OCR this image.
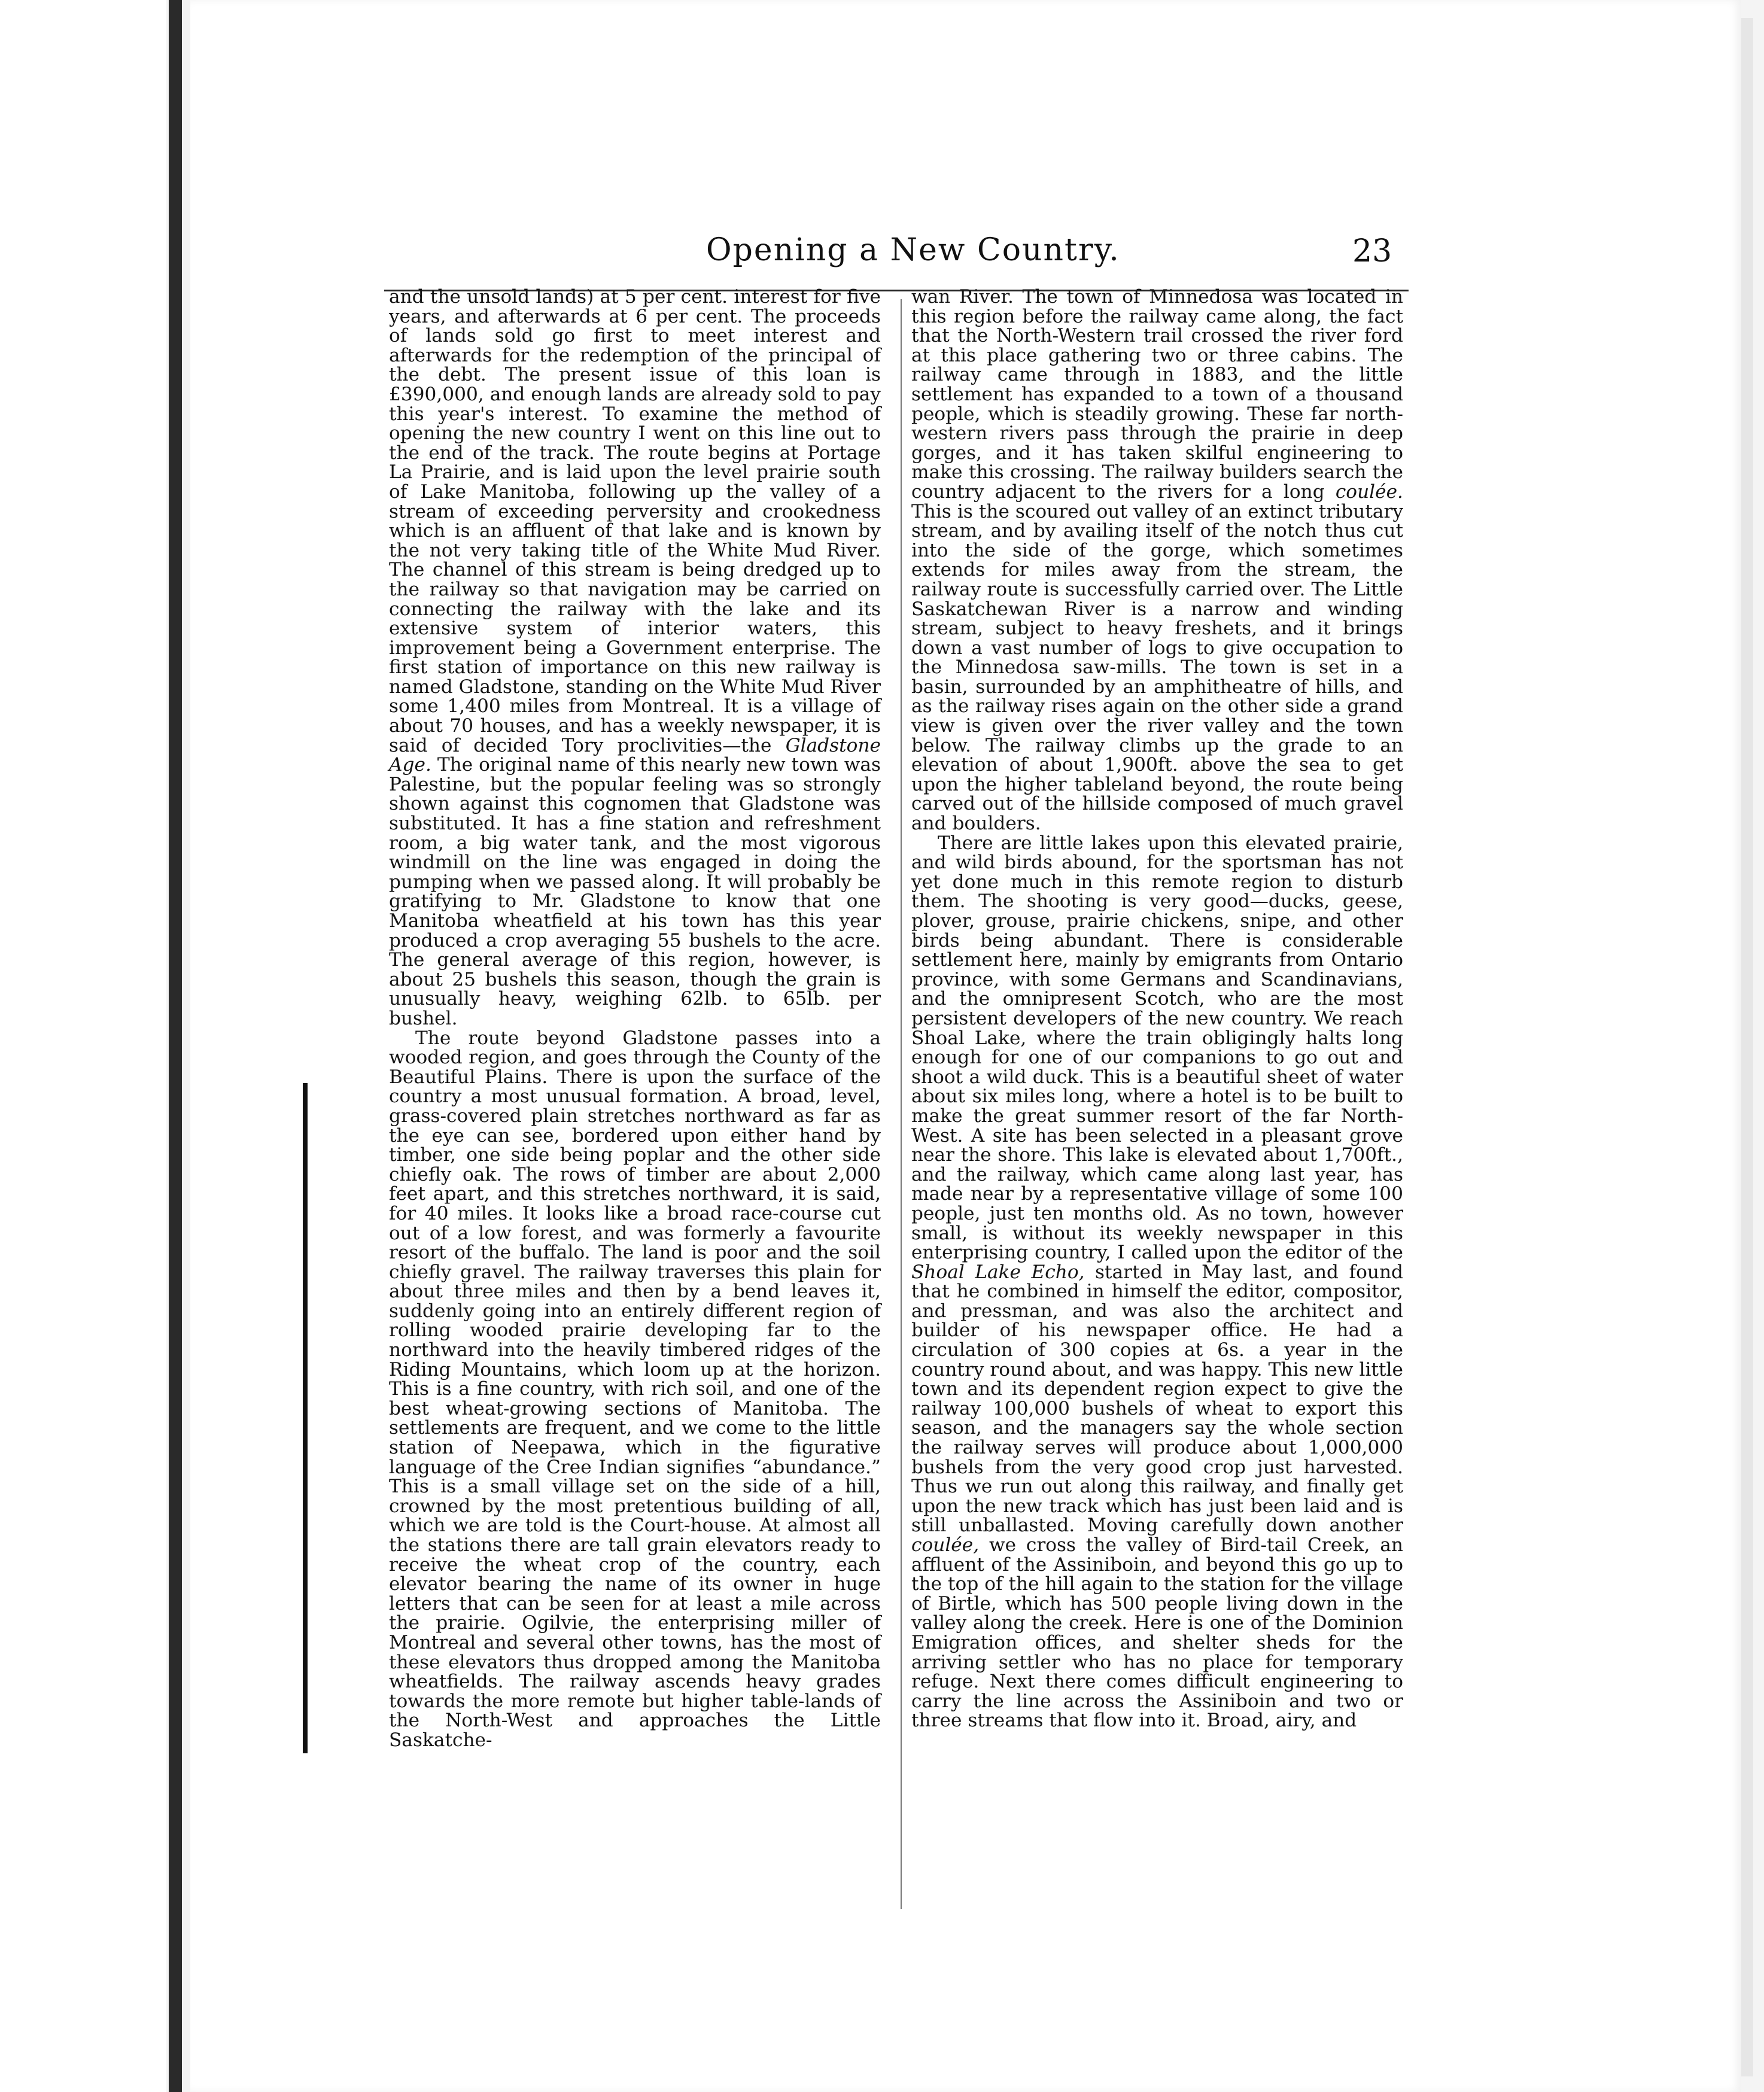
Opening a New Country.	23

and the unsold lands) at 5 per cent. interest for five years, and afterwards at 6 per cent. The proceeds of lands sold go first to meet interest and afterwards for the redemption of the principal of the debt. The present issue of this loan is £390,000, and enough lands are already sold to pay this year's interest. To examine the method of opening the new country I went on this line out to the end of the track. The route begins at Portage La Prairie, and is laid upon the level prairie south of Lake Manitoba, following up the valley of a stream of exceeding perversity and crookedness which is an affluent of that lake and is known by the not very taking title of the White Mud River. The channel of this stream is being dredged up to the railway so that navigation may be carried on connecting the railway with the lake and its extensive system of interior waters, this improvement being a Government enterprise. The first station of importance on this new railway is named Gladstone, standing on the White Mud River some 1,400 miles from Montreal. It is a village of about 70 houses, and has a weekly newspaper, it is said of decided Tory proclivities—the Gladstone Age. The original name of this nearly new town was Palestine, but the popular feeling was so strongly shown against this cognomen that Gladstone was substituted. It has a fine station and refreshment room, a big water tank, and the most vigorous windmill on the line was engaged in doing the pumping when we passed along. It will probably be gratifying to Mr. Gladstone to know that one Manitoba wheatfield at his town has this year produced a crop averaging 55 bushels to the acre. The general average of this region, however, is about 25 bushels this season, though the grain is unusually heavy, weighing 62lb. to 65lb. per bushel.

The route beyond Gladstone passes into a wooded region, and goes through the County of the Beautiful Plains. There is upon the surface of the country a most unusual formation. A broad, level, grass-covered plain stretches northward as far as the eye can see, bordered upon either hand by timber, one side being poplar and the other side chiefly oak. The rows of timber are about 2,000 feet apart, and this stretches northward, it is said, for 40 miles. It looks like a broad race-course cut out of a low forest, and was formerly a favourite resort of the buffalo. The land is poor and the soil chiefly gravel. The railway traverses this plain for about three miles and then by a bend leaves it, suddenly going into an entirely different region of rolling wooded prairie developing far to the northward into the heavily timbered ridges of the Riding Mountains, which loom up at the horizon. This is a fine country, with rich soil, and one of the best wheat-growing sections of Manitoba. The settlements are frequent, and we come to the little station of Neepawa, which in the figurative language of the Cree Indian signifies “abundance.” This is a small village set on the side of a hill, crowned by the most pretentious building of all, which we are told is the Court-house. At almost all the stations there are tall grain elevators ready to receive the wheat crop of the country, each elevator bearing the name of its owner in huge letters that can be seen for at least a mile across the prairie. Ogilvie, the enterprising miller of Montreal and several other towns, has the most of these elevators thus dropped among the Manitoba wheatfields. The railway ascends heavy grades towards the more remote but higher table-lands of the North-West and approaches the Little Saskatche-

wan River. The town of Minnedosa was located in this region before the railway came along, the fact that the North-Western trail crossed the river ford at this place gathering two or three cabins. The railway came through in 1883, and the little settlement has expanded to a town of a thousand people, which is steadily growing. These far north-western rivers pass through the prairie in deep gorges, and it has taken skilful engineering to make this crossing. The railway builders search the country adjacent to the rivers for a long coulée. This is the scoured out valley of an extinct tributary stream, and by availing itself of the notch thus cut into the side of the gorge, which sometimes extends for miles away from the stream, the railway route is successfully carried over. The Little Saskatchewan River is a narrow and winding stream, subject to heavy freshets, and it brings down a vast number of logs to give occupation to the Minnedosa saw-mills. The town is set in a basin, surrounded by an amphitheatre of hills, and as the railway rises again on the other side a grand view is given over the river valley and the town below. The railway climbs up the grade to an elevation of about 1,900ft. above the sea to get upon the higher tableland beyond, the route being carved out of the hillside composed of much gravel and boulders.

There are little lakes upon this elevated prairie, and wild birds abound, for the sportsman has not yet done much in this remote region to disturb them. The shooting is very good—ducks, geese, plover, grouse, prairie chickens, snipe, and other birds being abundant. There is considerable settlement here, mainly by emigrants from Ontario province, with some Germans and Scandinavians, and the omnipresent Scotch, who are the most persistent developers of the new country. We reach Shoal Lake, where the train obligingly halts long enough for one of our companions to go out and shoot a wild duck. This is a beautiful sheet of water about six miles long, where a hotel is to be built to make the great summer resort of the far North-West. A site has been selected in a pleasant grove near the shore. This lake is elevated about 1,700ft., and the railway, which came along last year, has made near by a representative village of some 100 people, just ten months old. As no town, however small, is without its weekly newspaper in this enterprising country, I called upon the editor of the Shoal Lake Echo, started in May last, and found that he combined in himself the editor, compositor, and pressman, and was also the architect and builder of his newspaper office. He had a circulation of 300 copies at 6s. a year in the country round about, and was happy. This new little town and its dependent region expect to give the railway 100,000 bushels of wheat to export this season, and the managers say the whole section the railway serves will produce about 1,000,000 bushels from the very good crop just harvested. Thus we run out along this railway, and finally get upon the new track which has just been laid and is still unballasted. Moving carefully down another coulée, we cross the valley of Bird-tail Creek, an affluent of the Assiniboin, and beyond this go up to the top of the hill again to the station for the village of Birtle, which has 500 people living down in the valley along the creek. Here is one of the Dominion Emigration offices, and shelter sheds for the arriving settler who has no place for temporary refuge. Next there comes difficult engineering to carry the line across the Assiniboin and two or three streams that flow into it. Broad, airy, and
